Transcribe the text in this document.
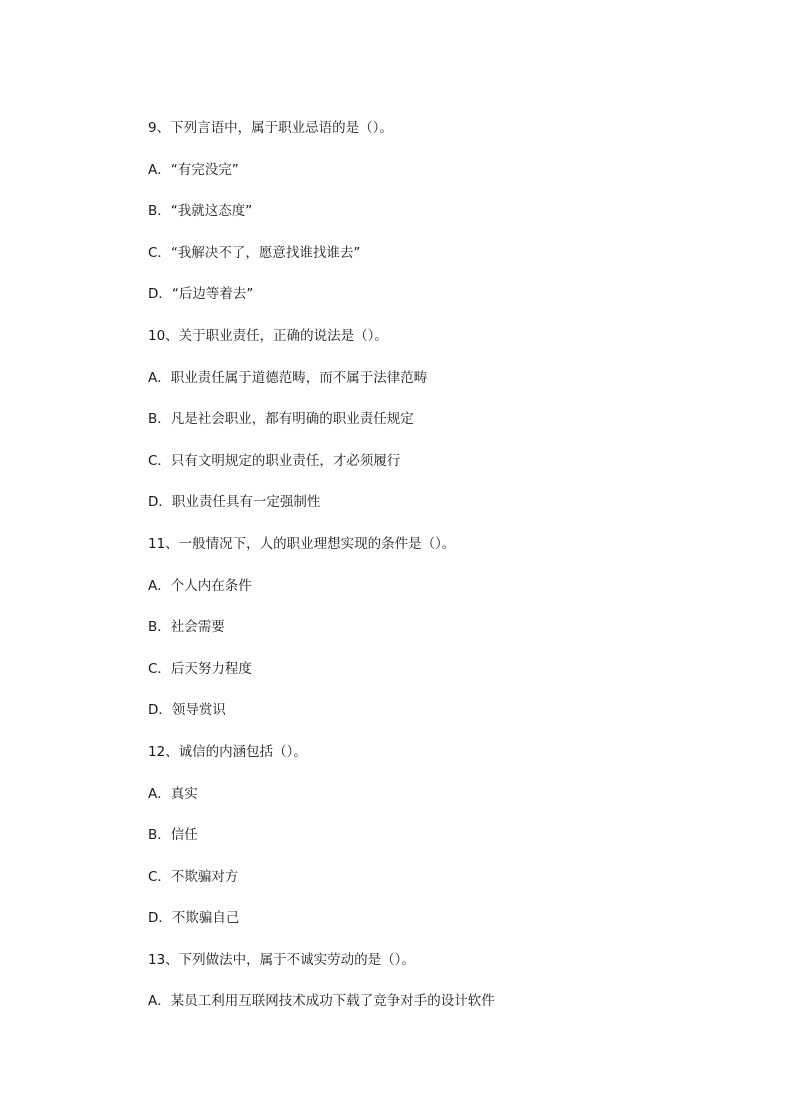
9、下列言语中，属于职业忌语的是（）。
A．“有完没完”
B．“我就这态度”
C．“我解决不了，愿意找谁找谁去”
D．“后边等着去”
10、关于职业责任，正确的说法是（）。
A．职业责任属于道德范畴，而不属于法律范畴
B．凡是社会职业，都有明确的职业责任规定
C．只有文明规定的职业责任，才必须履行
D．职业责任具有一定强制性
11、一般情况下，人的职业理想实现的条件是（）。
A．个人内在条件
B．社会需要
C．后天努力程度
D．领导赏识
12、诚信的内涵包括（）。
A．真实
B．信任
C．不欺骗对方
D．不欺骗自己
13、下列做法中，属于不诚实劳动的是（）。
A．某员工利用互联网技术成功下载了竞争对手的设计软件
